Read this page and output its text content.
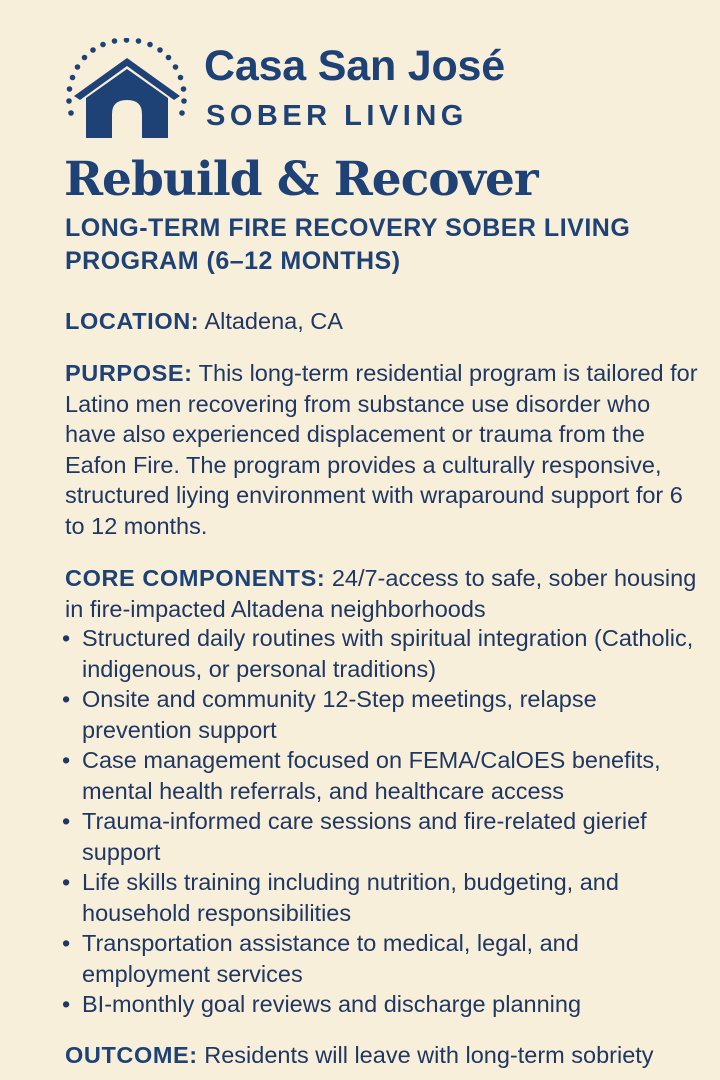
Casa San José
SOBER LIVING
Rebuild & Recover
LONG-TERM FIRE RECOVERY SOBER LIVING PROGRAM (6–12 MONTHS)
LOCATION: Altadena, CA
PURPOSE: This long-term residential program is tailored for Latino men recovering from substance use disorder who have also experienced displacement or trauma from the Eafon Fire. The program provides a culturally responsive, structured liying environment with wraparound support for 6 to 12 months.
CORE COMPONENTS: 24/7-access to safe, sober housing in fire-impacted Altadena neighborhoods
• Structured daily routines with spiritual integration (Catholic, indigenous, or personal traditions)
• Onsite and community 12-Step meetings, relapse prevention support
• Case management focused on FEMA/CalOES benefits, mental health referrals, and healthcare access
• Trauma-informed care sessions and fire-related gierief support
• Life skills training including nutrition, budgeting, and household responsibilities
• Transportation assistance to medical, legal, and employment services
• BI-monthly goal reviews and discharge planning
OUTCOME: Residents will leave with long-term sobriety
